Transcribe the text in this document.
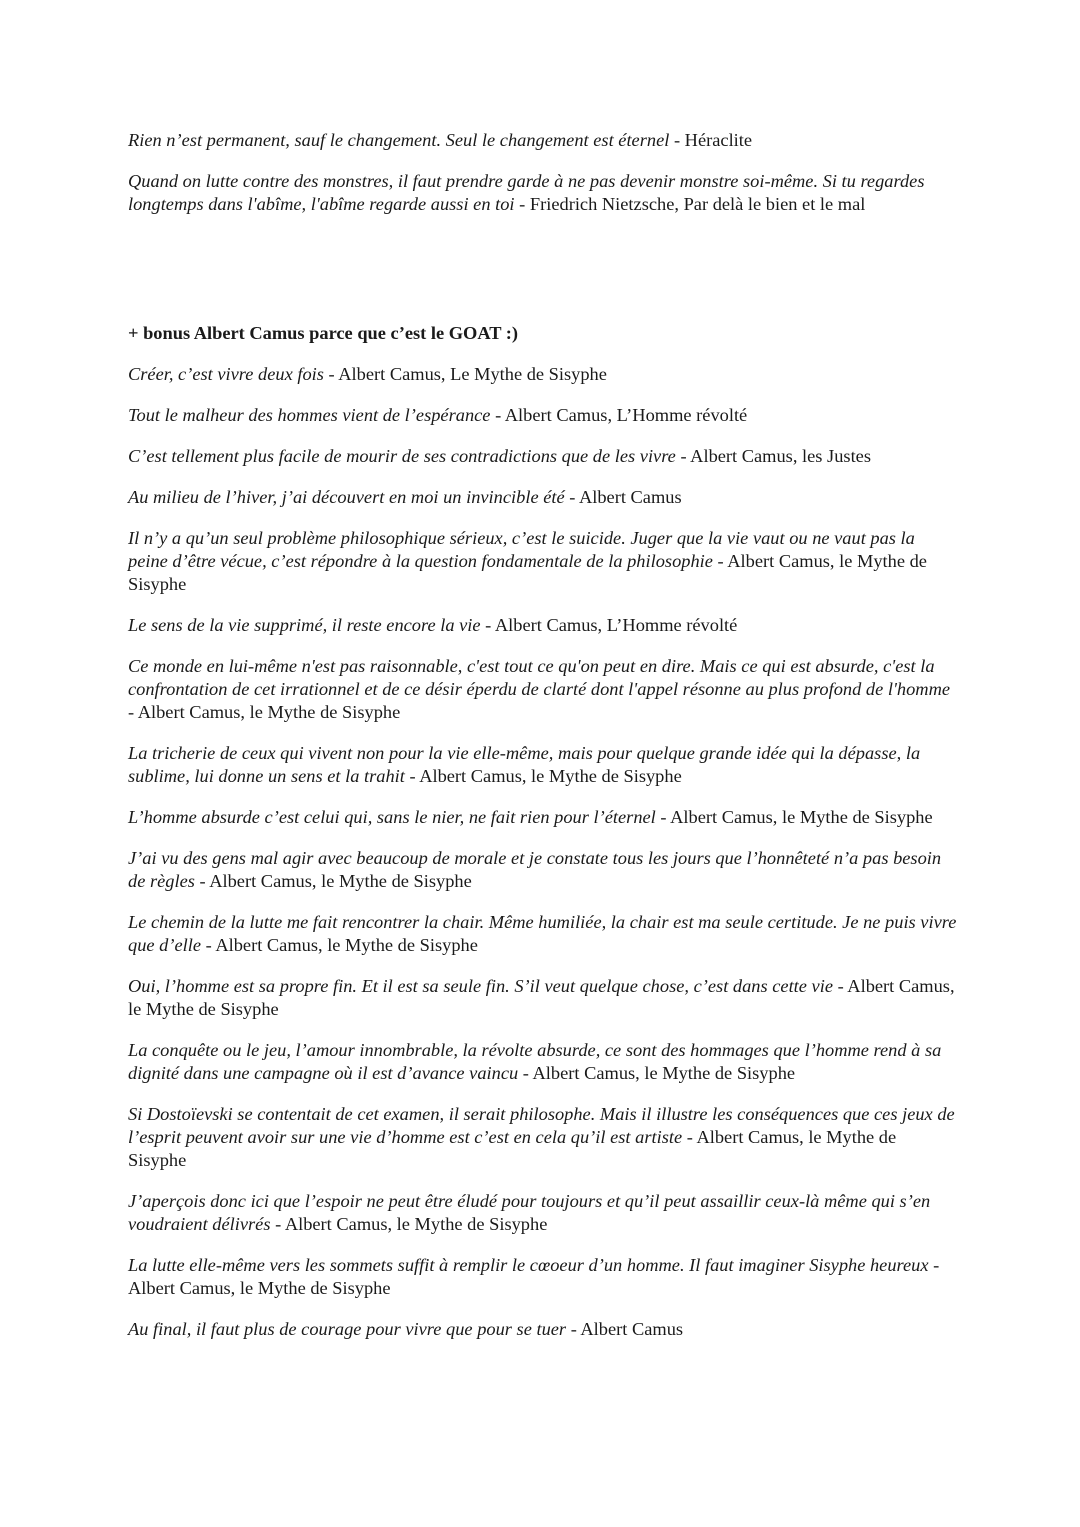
Rien n’est permanent, sauf le changement. Seul le changement est éternel - Héraclite
Quand on lutte contre des monstres, il faut prendre garde à ne pas devenir monstre soi-même. Si tu regardes longtemps dans l'abîme, l'abîme regarde aussi en toi - Friedrich Nietzsche, Par delà le bien et le mal
+ bonus Albert Camus parce que c’est le GOAT :)
Créer, c’est vivre deux fois - Albert Camus, Le Mythe de Sisyphe
Tout le malheur des hommes vient de l’espérance - Albert Camus, L’Homme révolté
C’est tellement plus facile de mourir de ses contradictions que de les vivre - Albert Camus, les Justes
Au milieu de l’hiver, j’ai découvert en moi un invincible été - Albert Camus
Il n’y a qu’un seul problème philosophique sérieux, c’est le suicide. Juger que la vie vaut ou ne vaut pas la peine d’être vécue, c’est répondre à la question fondamentale de la philosophie - Albert Camus, le Mythe de Sisyphe
Le sens de la vie supprimé, il reste encore la vie - Albert Camus, L’Homme révolté
Ce monde en lui-même n'est pas raisonnable, c'est tout ce qu'on peut en dire. Mais ce qui est absurde, c'est la confrontation de cet irrationnel et de ce désir éperdu de clarté dont l'appel résonne au plus profond de l'homme - Albert Camus, le Mythe de Sisyphe
La tricherie de ceux qui vivent non pour la vie elle-même, mais pour quelque grande idée qui la dépasse, la sublime, lui donne un sens et la trahit - Albert Camus, le Mythe de Sisyphe
L’homme absurde c’est celui qui, sans le nier, ne fait rien pour l’éternel - Albert Camus, le Mythe de Sisyphe
J’ai vu des gens mal agir avec beaucoup de morale et je constate tous les jours que l’honnêteté n’a pas besoin de règles - Albert Camus, le Mythe de Sisyphe
Le chemin de la lutte me fait rencontrer la chair. Même humiliée, la chair est ma seule certitude. Je ne puis vivre que d’elle - Albert Camus, le Mythe de Sisyphe
Oui, l’homme est sa propre fin. Et il est sa seule fin. S’il veut quelque chose, c’est dans cette vie - Albert Camus, le Mythe de Sisyphe
La conquête ou le jeu, l’amour innombrable, la révolte absurde, ce sont des hommages que l’homme rend à sa dignité dans une campagne où il est d’avance vaincu - Albert Camus, le Mythe de Sisyphe
Si Dostoïevski se contentait de cet examen, il serait philosophe. Mais il illustre les conséquences que ces jeux de l’esprit peuvent avoir sur une vie d’homme est c’est en cela qu’il est artiste - Albert Camus, le Mythe de Sisyphe
J’aperçois donc ici que l’espoir ne peut être éludé pour toujours et qu’il peut assaillir ceux-là même qui s’en voudraient délivrés - Albert Camus, le Mythe de Sisyphe
La lutte elle-même vers les sommets suffit à remplir le cœoeur d’un homme. Il faut imaginer Sisyphe heureux - Albert Camus, le Mythe de Sisyphe
Au final, il faut plus de courage pour vivre que pour se tuer - Albert Camus
